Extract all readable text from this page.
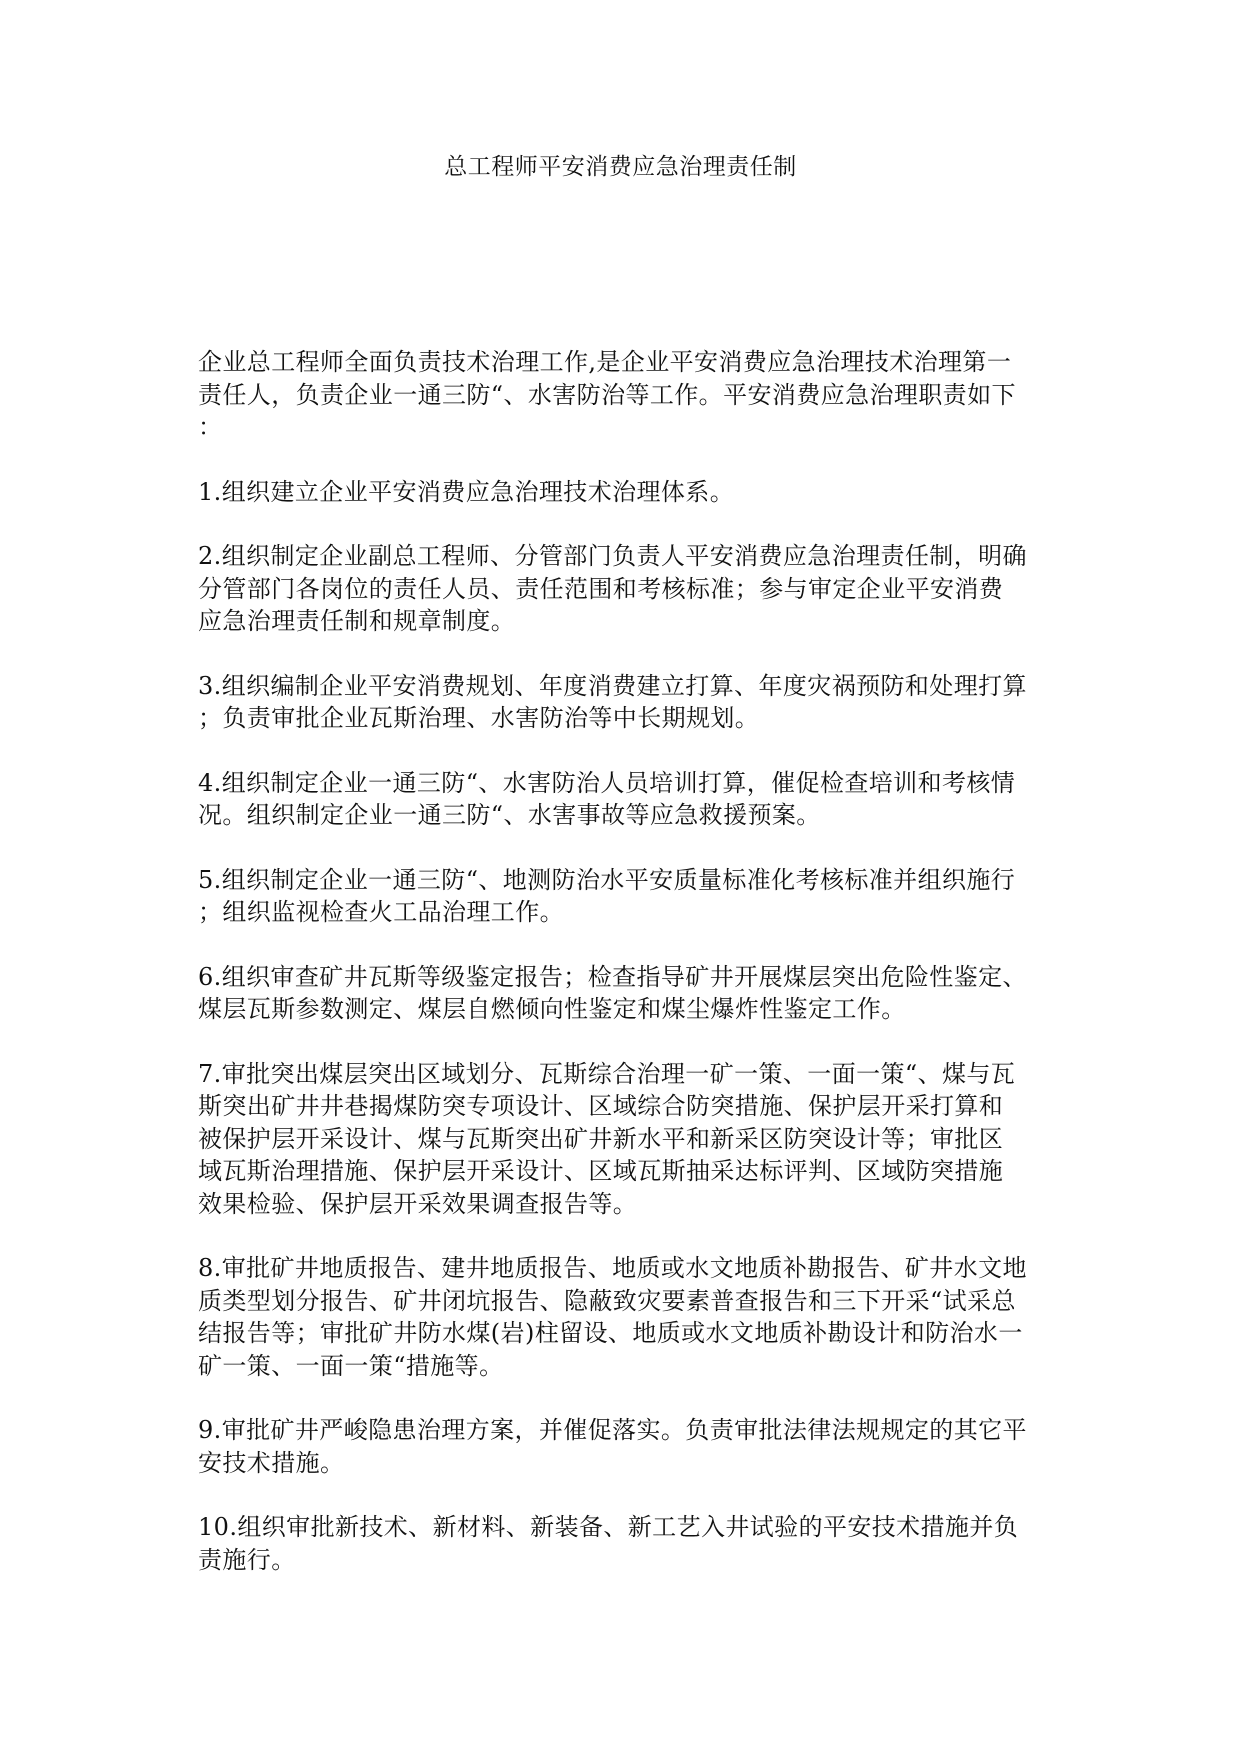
总工程师平安消费应急治理责任制

企业总工程师全面负责技术治理工作,是企业平安消费应急治理技术治理第一
责任人，负责企业一通三防“、水害防治等工作。平安消费应急治理职责如下
：

1.组织建立企业平安消费应急治理技术治理体系。

2.组织制定企业副总工程师、分管部门负责人平安消费应急治理责任制，明确
分管部门各岗位的责任人员、责任范围和考核标准；参与审定企业平安消费
应急治理责任制和规章制度。

3.组织编制企业平安消费规划、年度消费建立打算、年度灾祸预防和处理打算
；负责审批企业瓦斯治理、水害防治等中长期规划。

4.组织制定企业一通三防“、水害防治人员培训打算，催促检查培训和考核情
况。组织制定企业一通三防“、水害事故等应急救援预案。

5.组织制定企业一通三防“、地测防治水平安质量标准化考核标准并组织施行
；组织监视检查火工品治理工作。

6.组织审查矿井瓦斯等级鉴定报告；检查指导矿井开展煤层突出危险性鉴定、
煤层瓦斯参数测定、煤层自燃倾向性鉴定和煤尘爆炸性鉴定工作。

7.审批突出煤层突出区域划分、瓦斯综合治理一矿一策、一面一策“、煤与瓦
斯突出矿井井巷揭煤防突专项设计、区域综合防突措施、保护层开采打算和
被保护层开采设计、煤与瓦斯突出矿井新水平和新采区防突设计等；审批区
域瓦斯治理措施、保护层开采设计、区域瓦斯抽采达标评判、区域防突措施
效果检验、保护层开采效果调查报告等。

8.审批矿井地质报告、建井地质报告、地质或水文地质补勘报告、矿井水文地
质类型划分报告、矿井闭坑报告、隐蔽致灾要素普查报告和三下开采“试采总
结报告等；审批矿井防水煤(岩)柱留设、地质或水文地质补勘设计和防治水一
矿一策、一面一策“措施等。

9.审批矿井严峻隐患治理方案，并催促落实。负责审批法律法规规定的其它平
安技术措施。

10.组织审批新技术、新材料、新装备、新工艺入井试验的平安技术措施并负
责施行。
